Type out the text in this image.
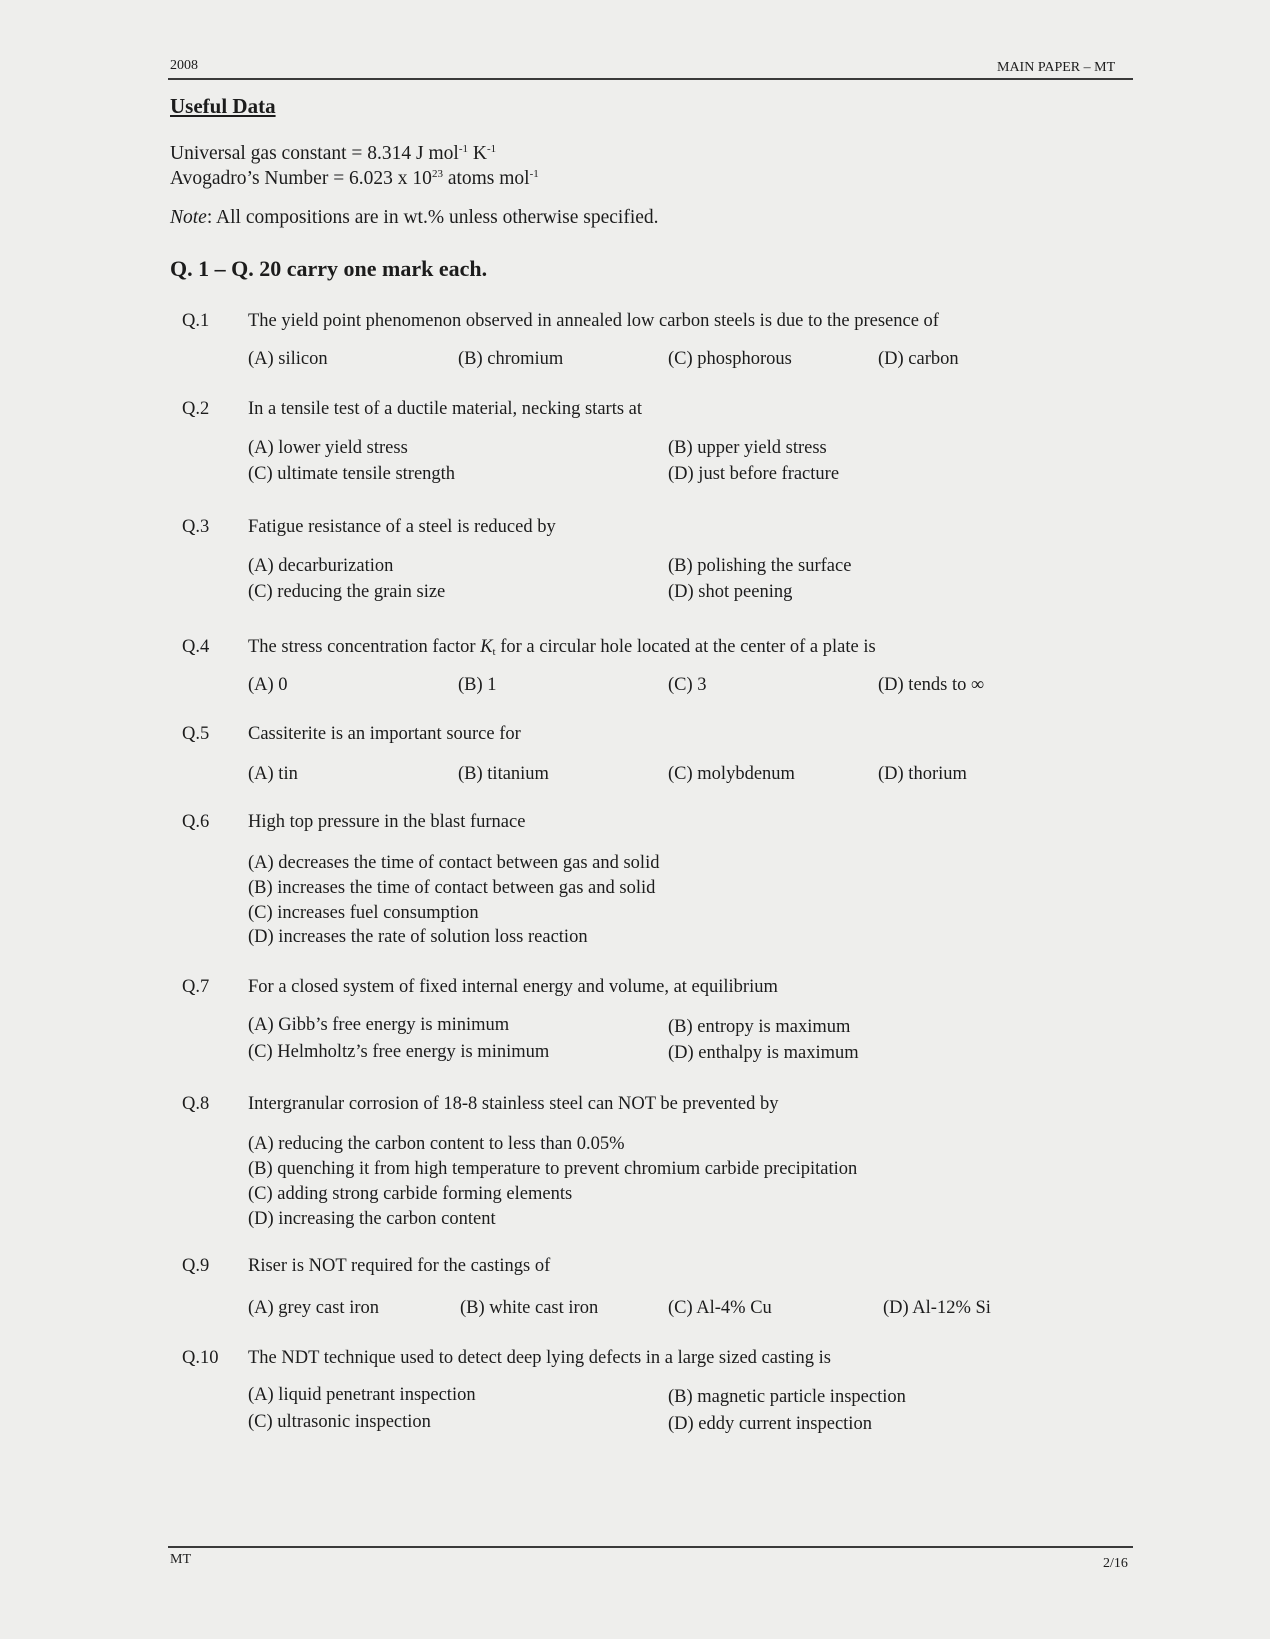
2008	MAIN PAPER – MT
Useful Data
Universal gas constant = 8.314 J mol$^{-1}$ $K^{-1}$
Avogadro’s Number = 6.023 x $10^{23}$ atoms mol$^{-1}$
Note: All compositions are in wt.% unless otherwise specified.
Q. 1 – Q. 20 carry one mark each.
Q.1 The yield point phenomenon observed in annealed low carbon steels is due to the presence of
(A) silicon	(B) chromium	(C) phosphorous	(D) carbon
Q.2 In a tensile test of a ductile material, necking starts at
(A) lower yield stress	(B) upper yield stress
(C) ultimate tensile strength	(D) just before fracture
Q.3 Fatigue resistance of a steel is reduced by
(A) decarburization	(B) polishing the surface
(C) reducing the grain size	(D) shot peening
Q.4 The stress concentration factor $K_t$ for a circular hole located at the center of a plate is
(A) 0	(B) 1	(C) 3	(D) tends to ∞
Q.5 Cassiterite is an important source for
(A) tin	(B) titanium	(C) molybdenum	(D) thorium
Q.6 High top pressure in the blast furnace
(A) decreases the time of contact between gas and solid
(B) increases the time of contact between gas and solid
(C) increases fuel consumption
(D) increases the rate of solution loss reaction
Q.7 For a closed system of fixed internal energy and volume, at equilibrium
(A) Gibb’s free energy is minimum	(B) entropy is maximum
(C) Helmholtz’s free energy is minimum	(D) enthalpy is maximum
Q.8 Intergranular corrosion of 18-8 stainless steel can NOT be prevented by
(A) reducing the carbon content to less than 0.05%
(B) quenching it from high temperature to prevent chromium carbide precipitation
(C) adding strong carbide forming elements
(D) increasing the carbon content
Q.9 Riser is NOT required for the castings of
(A) grey cast iron	(B) white cast iron	(C) Al-4% Cu	(D) Al-12% Si
Q.10 The NDT technique used to detect deep lying defects in a large sized casting is
(A) liquid penetrant inspection	(B) magnetic particle inspection
(C) ultrasonic inspection	(D) eddy current inspection
MT	2/16
